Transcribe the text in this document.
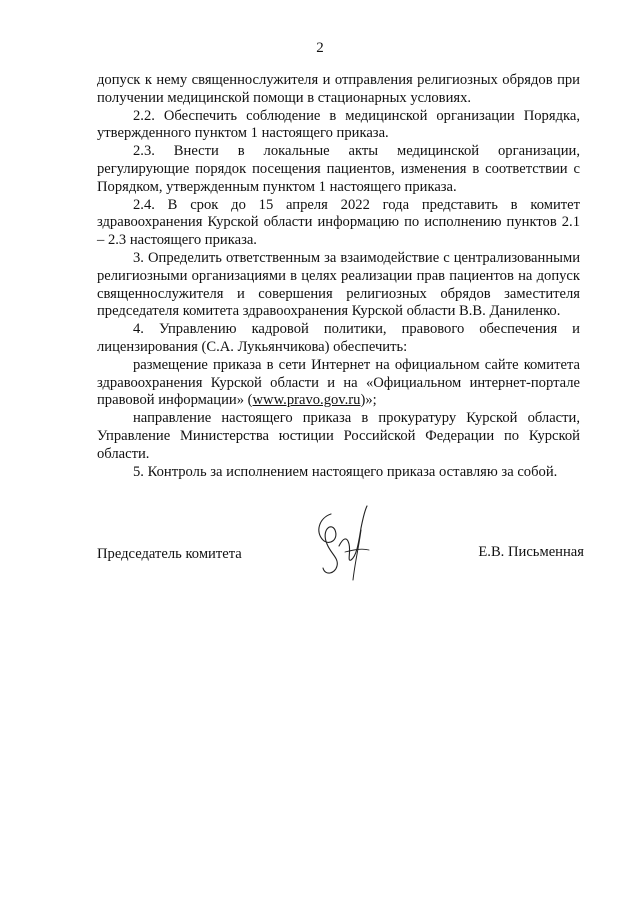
2

допуск к нему священнослужителя и отправления религиозных обрядов при получении медицинской помощи в стационарных условиях.

2.2. Обеспечить соблюдение в медицинской организации Порядка, утвержденного пунктом 1 настоящего приказа.

2.3. Внести в локальные акты медицинской организации, регулирующие порядок посещения пациентов, изменения в соответствии с Порядком, утвержденным пунктом 1 настоящего приказа.

2.4. В срок до 15 апреля 2022 года представить в комитет здравоохранения Курской области информацию по исполнению пунктов 2.1 – 2.3 настоящего приказа.

3. Определить ответственным за взаимодействие с централизованными религиозными организациями в целях реализации прав пациентов на допуск священнослужителя и совершения религиозных обрядов заместителя председателя комитета здравоохранения Курской области В.В. Даниленко.

4. Управлению кадровой политики, правового обеспечения и лицензирования (С.А. Лукьянчикова) обеспечить:

размещение приказа в сети Интернет на официальном сайте комитета здравоохранения Курской области и на «Официальном интернет-портале правовой информации» (www.pravo.gov.ru)»;

направление настоящего приказа в прокуратуру Курской области, Управление Министерства юстиции Российской Федерации по Курской области.

5. Контроль за исполнением настоящего приказа оставляю за собой.

Председатель комитета	Е.В. Письменная
